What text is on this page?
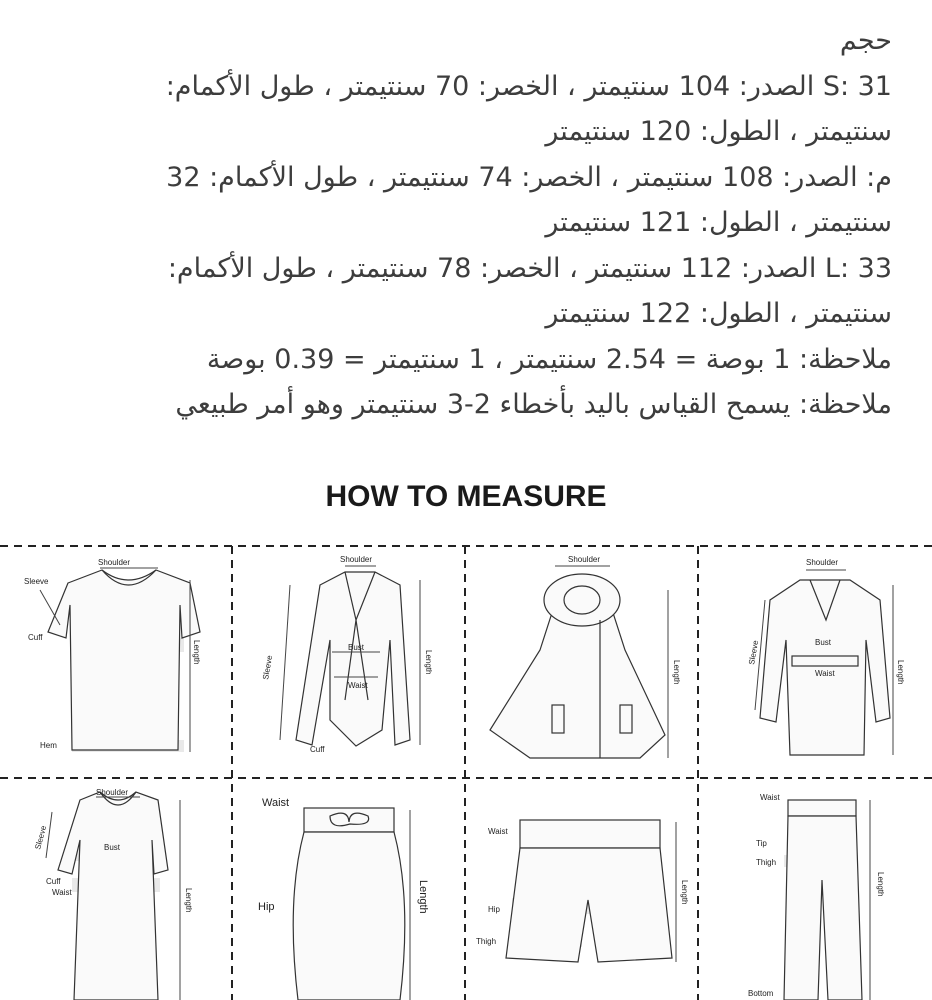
حجم

S: 31 الصدر: 104 سنتيمتر ، الخصر: 70 سنتيمتر ، طول الأكمام:

سنتيمتر ، الطول: 120 سنتيمتر

م: الصدر: 108 سنتيمتر ، الخصر: 74 سنتيمتر ، طول الأكمام: 32

سنتيمتر ، الطول: 121 سنتيمتر

L: 33 الصدر: 112 سنتيمتر ، الخصر: 78 سنتيمتر ، طول الأكمام:

سنتيمتر ، الطول: 122 سنتيمتر

ملاحظة: 1 بوصة = 2.54 سنتيمتر ، 1 سنتيمتر = 0.39 بوصة

ملاحظة: يسمح القياس باليد بأخطاء 2-3 سنتيمتر وهو أمر طبيعي

HOW TO MEASURE
Shoulder
Sleeve
Cuff
Hem
Length
Shoulder
Bust
Waist
Cuff
Sleeve	Length
Shoulder
Length
Shoulder
Bust
Waist
Sleeve
Length
Shoulder
Bust
Cuff
Waist
Sleeve
Length
Waist
Hip	Length
Waist
Hip
Thigh
Length
Waist
Tip
Thigh
Bottom
Length
